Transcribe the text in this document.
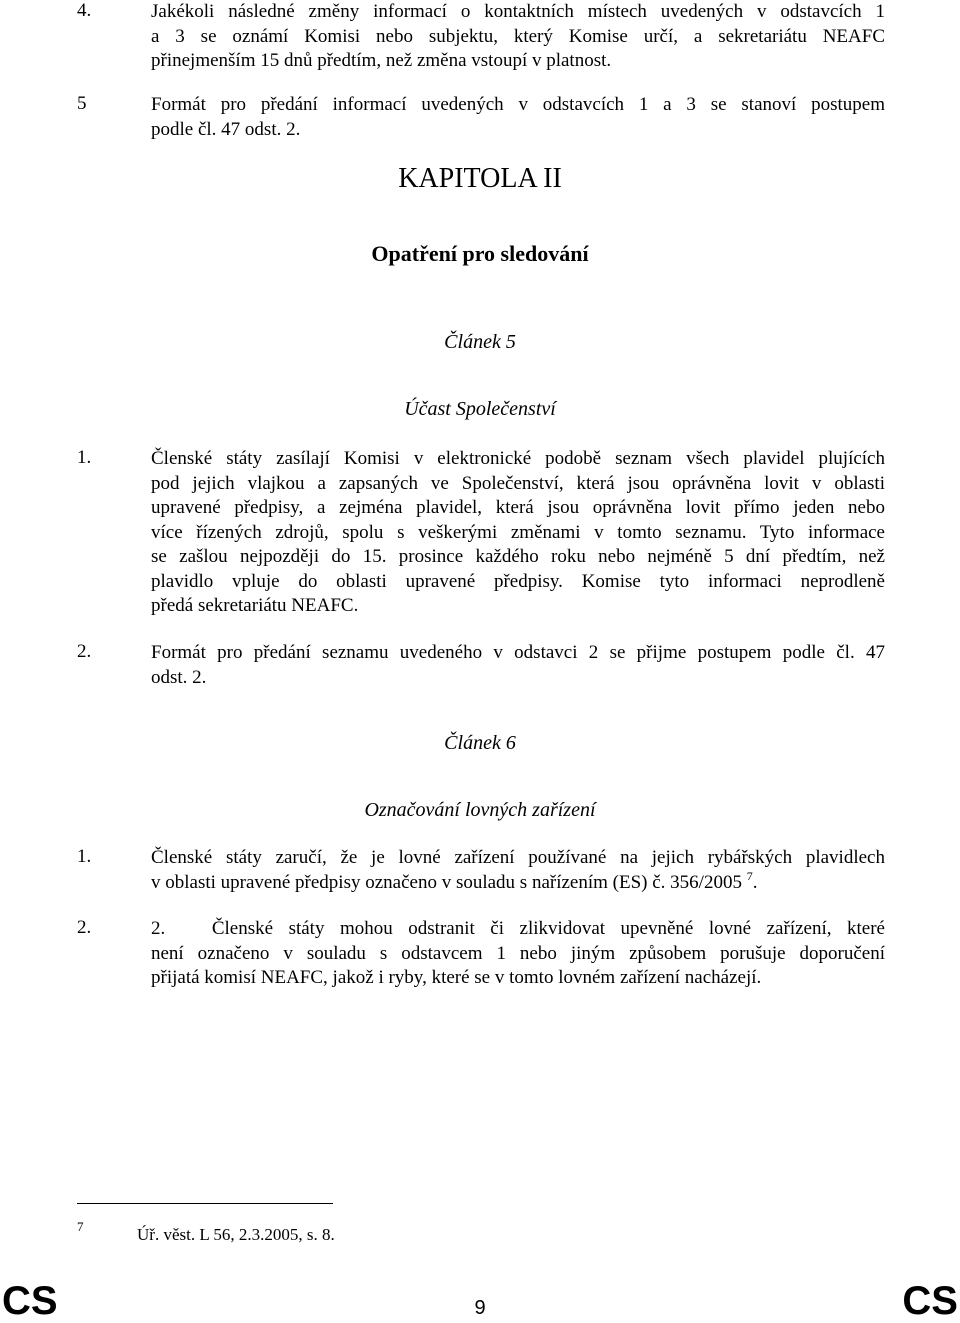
4.	Jakékoli následné změny informací o kontaktních místech uvedených v odstavcích 1
a 3 se oznámí Komisi nebo subjektu, který Komise určí, a sekretariátu NEAFC
přinejmenším 15 dnů předtím, než změna vstoupí v platnost.
5	Formát pro předání informací uvedených v odstavcích 1 a 3 se stanoví postupem
podle čl. 47 odst. 2.
KAPITOLA II
Opatření pro sledování
Článek 5
Účast Společenství
1.	Členské státy zasílají Komisi v elektronické podobě seznam všech plavidel plujících
pod jejich vlajkou a zapsaných ve Společenství, která jsou oprávněna lovit v oblasti
upravené předpisy, a zejména plavidel, která jsou oprávněna lovit přímo jeden nebo
více řízených zdrojů, spolu s veškerými změnami v tomto seznamu. Tyto informace
se zašlou nejpozději do 15. prosince každého roku nebo nejméně 5 dní předtím, než
plavidlo vpluje do oblasti upravené předpisy. Komise tyto informaci neprodleně
předá sekretariátu NEAFC.
2.	Formát pro předání seznamu uvedeného v odstavci 2 se přijme postupem podle čl. 47
odst. 2.
Článek 6
Označování lovných zařízení
1.	Členské státy zaručí, že je lovné zařízení používané na jejich rybářských plavidlech
v oblasti upravené předpisy označeno v souladu s nařízením (ES) č. 356/2005 $^7$.
2.	2.   Členské státy mohou odstranit či zlikvidovat upevněné lovné zařízení, které
není označeno v souladu s odstavcem 1 nebo jiným způsobem porušuje doporučení
přijatá komisí NEAFC, jakož i ryby, které se v tomto lovném zařízení nacházejí.
7	Úř. věst. L 56, 2.3.2005, s. 8.
CS	9	CS
